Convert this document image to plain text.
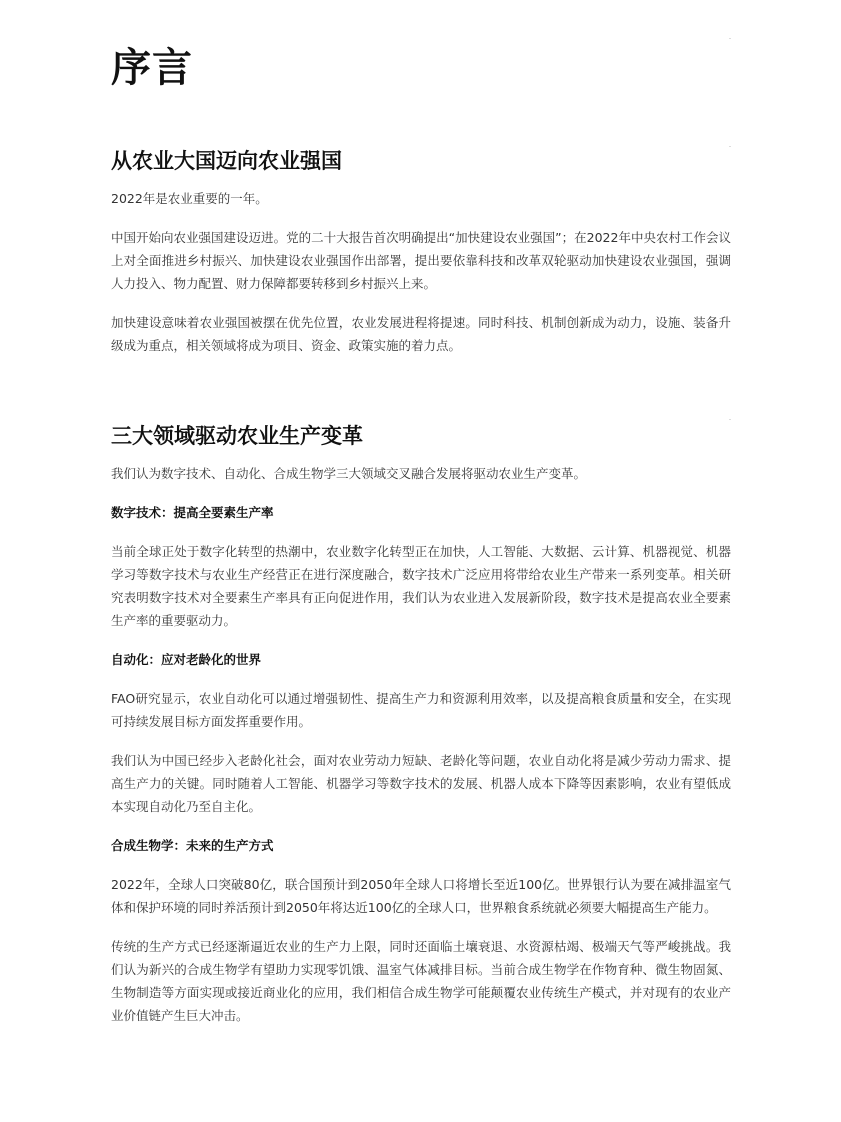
序言
从农业大国迈向农业强国

2022年是农业重要的一年。

中国开始向农业强国建设迈进。党的二十大报告首次明确提出“加快建设农业强国”；在2022年中央农村工作会议上对全面推进乡村振兴、加快建设农业强国作出部署，提出要依靠科技和改革双轮驱动加快建设农业强国，强调人力投入、物力配置、财力保障都要转移到乡村振兴上来。

加快建设意味着农业强国被摆在优先位置，农业发展进程将提速。同时科技、机制创新成为动力，设施、装备升级成为重点，相关领域将成为项目、资金、政策实施的着力点。

三大领域驱动农业生产变革

我们认为数字技术、自动化、合成生物学三大领域交叉融合发展将驱动农业生产变革。

数字技术：提高全要素生产率

当前全球正处于数字化转型的热潮中，农业数字化转型正在加快，人工智能、大数据、云计算、机器视觉、机器学习等数字技术与农业生产经营正在进行深度融合，数字技术广泛应用将带给农业生产带来一系列变革。相关研究表明数字技术对全要素生产率具有正向促进作用，我们认为农业进入发展新阶段，数字技术是提高农业全要素生产率的重要驱动力。

自动化：应对老龄化的世界

FAO研究显示，农业自动化可以通过增强韧性、提高生产力和资源利用效率，以及提高粮食质量和安全，在实现可持续发展目标方面发挥重要作用。

我们认为中国已经步入老龄化社会，面对农业劳动力短缺、老龄化等问题，农业自动化将是减少劳动力需求、提高生产力的关键。同时随着人工智能、机器学习等数字技术的发展、机器人成本下降等因素影响，农业有望低成本实现自动化乃至自主化。

合成生物学：未来的生产方式

2022年，全球人口突破80亿，联合国预计到2050年全球人口将增长至近100亿。世界银行认为要在减排温室气体和保护环境的同时养活预计到2050年将达近100亿的全球人口，世界粮食系统就必须要大幅提高生产能力。

传统的生产方式已经逐渐逼近农业的生产力上限，同时还面临土壤衰退、水资源枯竭、极端天气等严峻挑战。我们认为新兴的合成生物学有望助力实现零饥饿、温室气体减排目标。当前合成生物学在作物育种、微生物固氮、生物制造等方面实现或接近商业化的应用，我们相信合成生物学可能颠覆农业传统生产模式，并对现有的农业产业价值链产生巨大冲击。
